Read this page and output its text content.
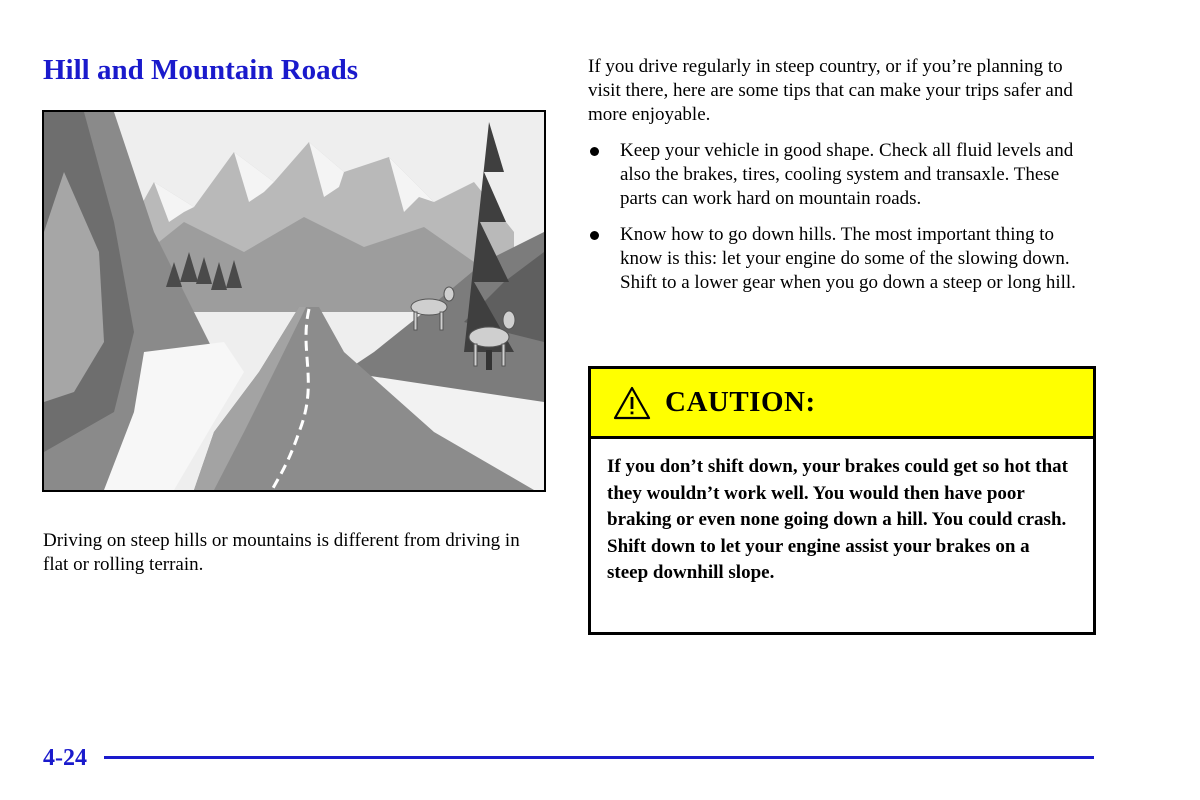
Hill and Mountain Roads

Driving on steep hills or mountains is different from driving in flat or rolling terrain.

If you drive regularly in steep country, or if you’re planning to visit there, here are some tips that can make your trips safer and more enjoyable.

Keep your vehicle in good shape. Check all fluid levels and also the brakes, tires, cooling system and transaxle. These parts can work hard on mountain roads.
Know how to go down hills. The most important thing to know is this: let your engine do some of the slowing down. Shift to a lower gear when you go down a steep or long hill.
CAUTION:

If you don’t shift down, your brakes could get so hot that they wouldn’t work well. You would then have poor braking or even none going down a hill. You could crash. Shift down to let your engine assist your brakes on a steep downhill slope.

4-24
